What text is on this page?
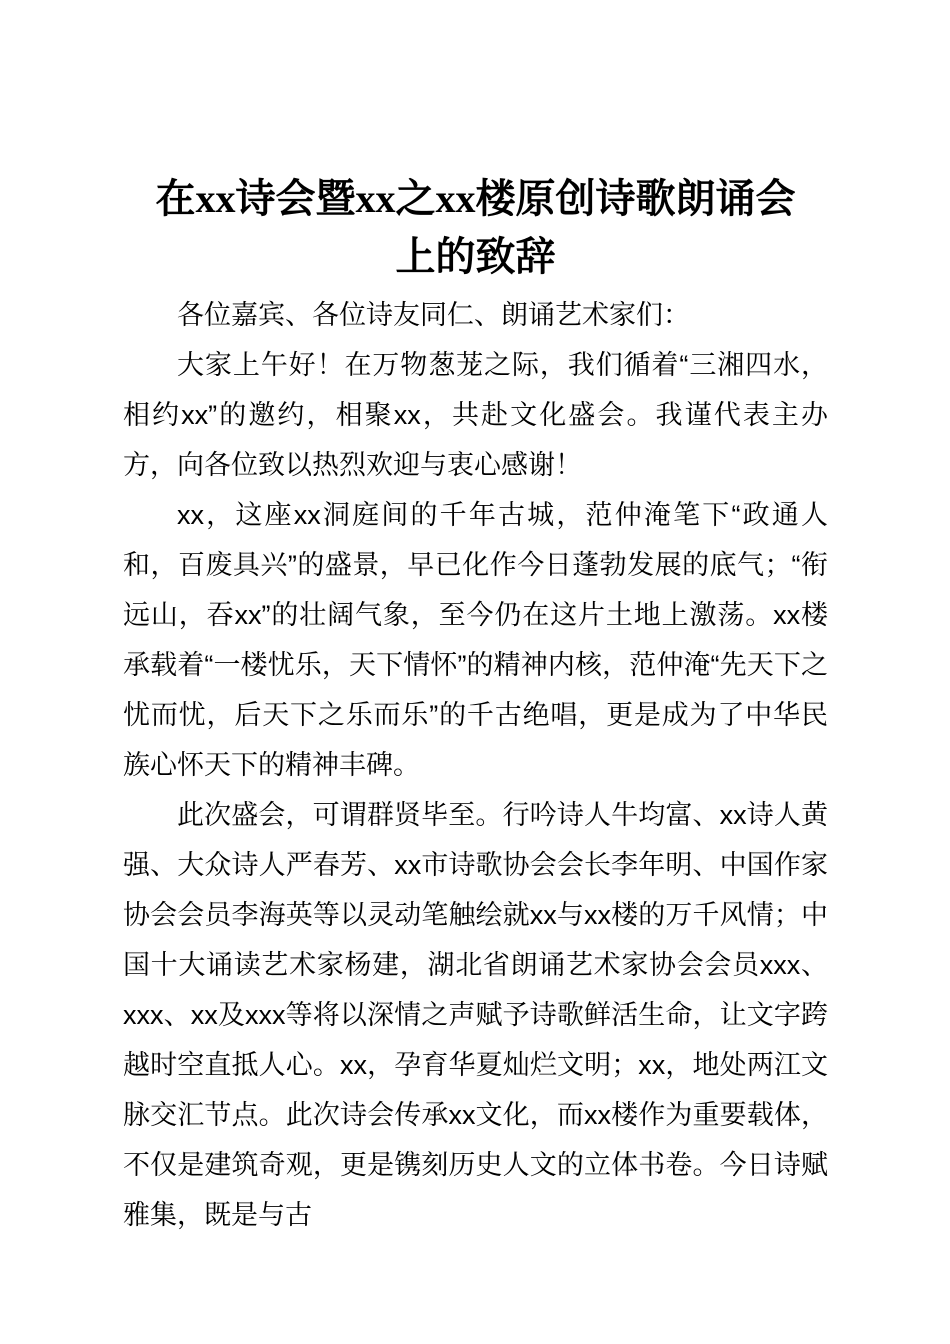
在xx诗会暨xx之xx楼原创诗歌朗诵会上的致辞

各位嘉宾、各位诗友同仁、朗诵艺术家们：

大家上午好！在万物葱茏之际，我们循着“三湘四水，相约xx”的邀约，相聚xx，共赴文化盛会。我谨代表主办方，向各位致以热烈欢迎与衷心感谢！

xx，这座xx洞庭间的千年古城，范仲淹笔下“政通人和，百废具兴”的盛景，早已化作今日蓬勃发展的底气；“衔远山，吞xx”的壮阔气象，至今仍在这片土地上激荡。xx楼承载着“一楼忧乐，天下情怀”的精神内核，范仲淹“先天下之忧而忧，后天下之乐而乐”的千古绝唱，更是成为了中华民族心怀天下的精神丰碑。

此次盛会，可谓群贤毕至。行吟诗人牛均富、xx诗人黄强、大众诗人严春芳、xx市诗歌协会会长李年明、中国作家协会会员李海英等以灵动笔触绘就xx与xx楼的万千风情；中国十大诵读艺术家杨建，湖北省朗诵艺术家协会会员xxx、xxx、xx及xxx等将以深情之声赋予诗歌鲜活生命，让文字跨越时空直抵人心。xx，孕育华夏灿烂文明；xx，地处两江文脉交汇节点。此次诗会传承xx文化，而xx楼作为重要载体，不仅是建筑奇观，更是镌刻历史人文的立体书卷。今日诗赋雅集，既是与古
